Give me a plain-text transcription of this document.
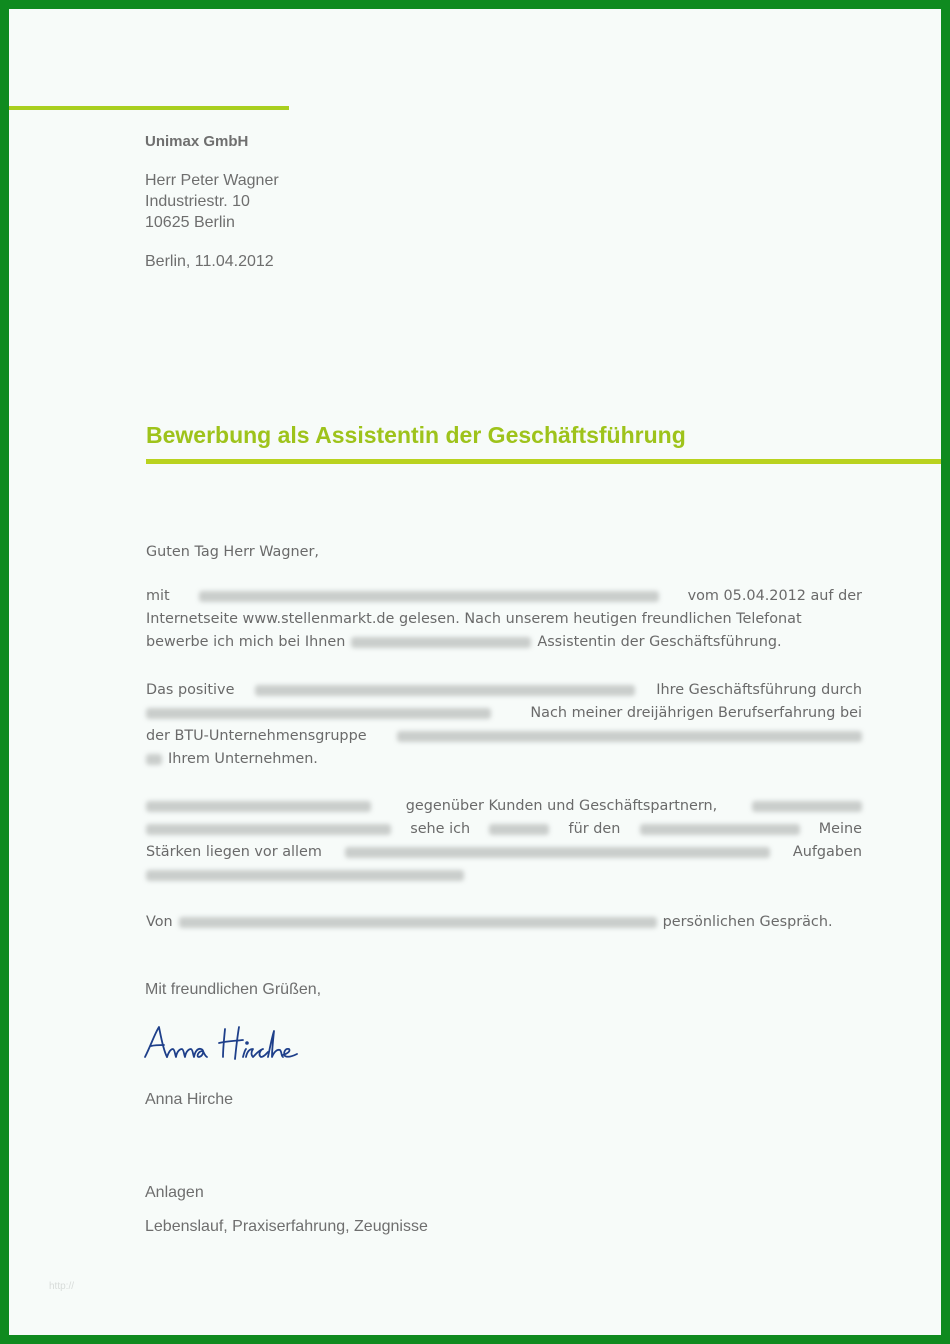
Unimax GmbH
Herr Peter Wagner
Industriestr. 10
10625 Berlin
Berlin, 11.04.2012
Bewerbung als Assistentin der Geschäftsführung
Guten Tag Herr Wagner,
mit	vom 05.04.2012 auf der
Internetseite www.stellenmarkt.de gelesen. Nach unserem heutigen freundlichen Telefonat
bewerbe ich mich bei Ihnen	Assistentin der Geschäftsführung.
Das positive	Ihre Geschäftsführung durch
Nach meiner dreijährigen Berufserfahrung bei
der BTU-Unternehmensgruppe
Ihrem Unternehmen.
gegenüber Kunden und Geschäftspartnern,
sehe ich	für den	Meine
Stärken liegen vor allem	Aufgaben
Von	persönlichen Gespräch.
Mit freundlichen Grüßen,
Anna Hirche
Anlagen
Lebenslauf, Praxiserfahrung, Zeugnisse
http://
